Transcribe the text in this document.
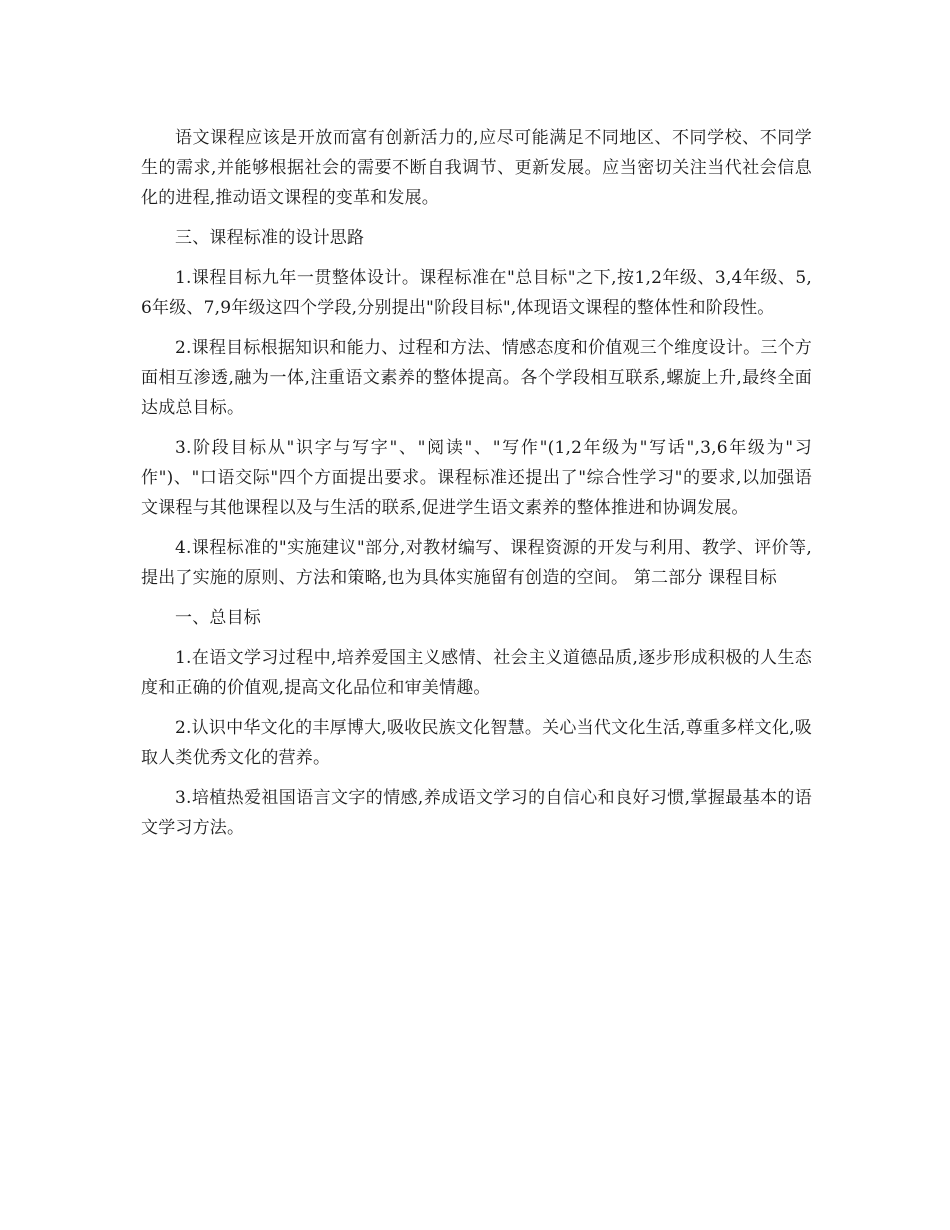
语文课程应该是开放而富有创新活力的,应尽可能满足不同地区、不同学校、不同学生的需求,并能够根据社会的需要不断自我调节、更新发展。应当密切关注当代社会信息化的进程,推动语文课程的变革和发展。

三、课程标准的设计思路

1.课程目标九年一贯整体设计。课程标准在"总目标"之下,按1,2年级、3,4年级、5,6年级、7,9年级这四个学段,分别提出"阶段目标",体现语文课程的整体性和阶段性。

2.课程目标根据知识和能力、过程和方法、情感态度和价值观三个维度设计。三个方面相互渗透,融为一体,注重语文素养的整体提高。各个学段相互联系,螺旋上升,最终全面达成总目标。

3.阶段目标从"识字与写字"、"阅读"、"写作"(1,2年级为"写话",3,6年级为"习作")、"口语交际"四个方面提出要求。课程标准还提出了"综合性学习"的要求,以加强语文课程与其他课程以及与生活的联系,促进学生语文素养的整体推进和协调发展。

4.课程标准的"实施建议"部分,对教材编写、课程资源的开发与利用、教学、评价等,提出了实施的原则、方法和策略,也为具体实施留有创造的空间。 第二部分 课程目标

一、总目标

1.在语文学习过程中,培养爱国主义感情、社会主义道德品质,逐步形成积极的人生态度和正确的价值观,提高文化品位和审美情趣。

2.认识中华文化的丰厚博大,吸收民族文化智慧。关心当代文化生活,尊重多样文化,吸取人类优秀文化的营养。

3.培植热爱祖国语言文字的情感,养成语文学习的自信心和良好习惯,掌握最基本的语文学习方法。
